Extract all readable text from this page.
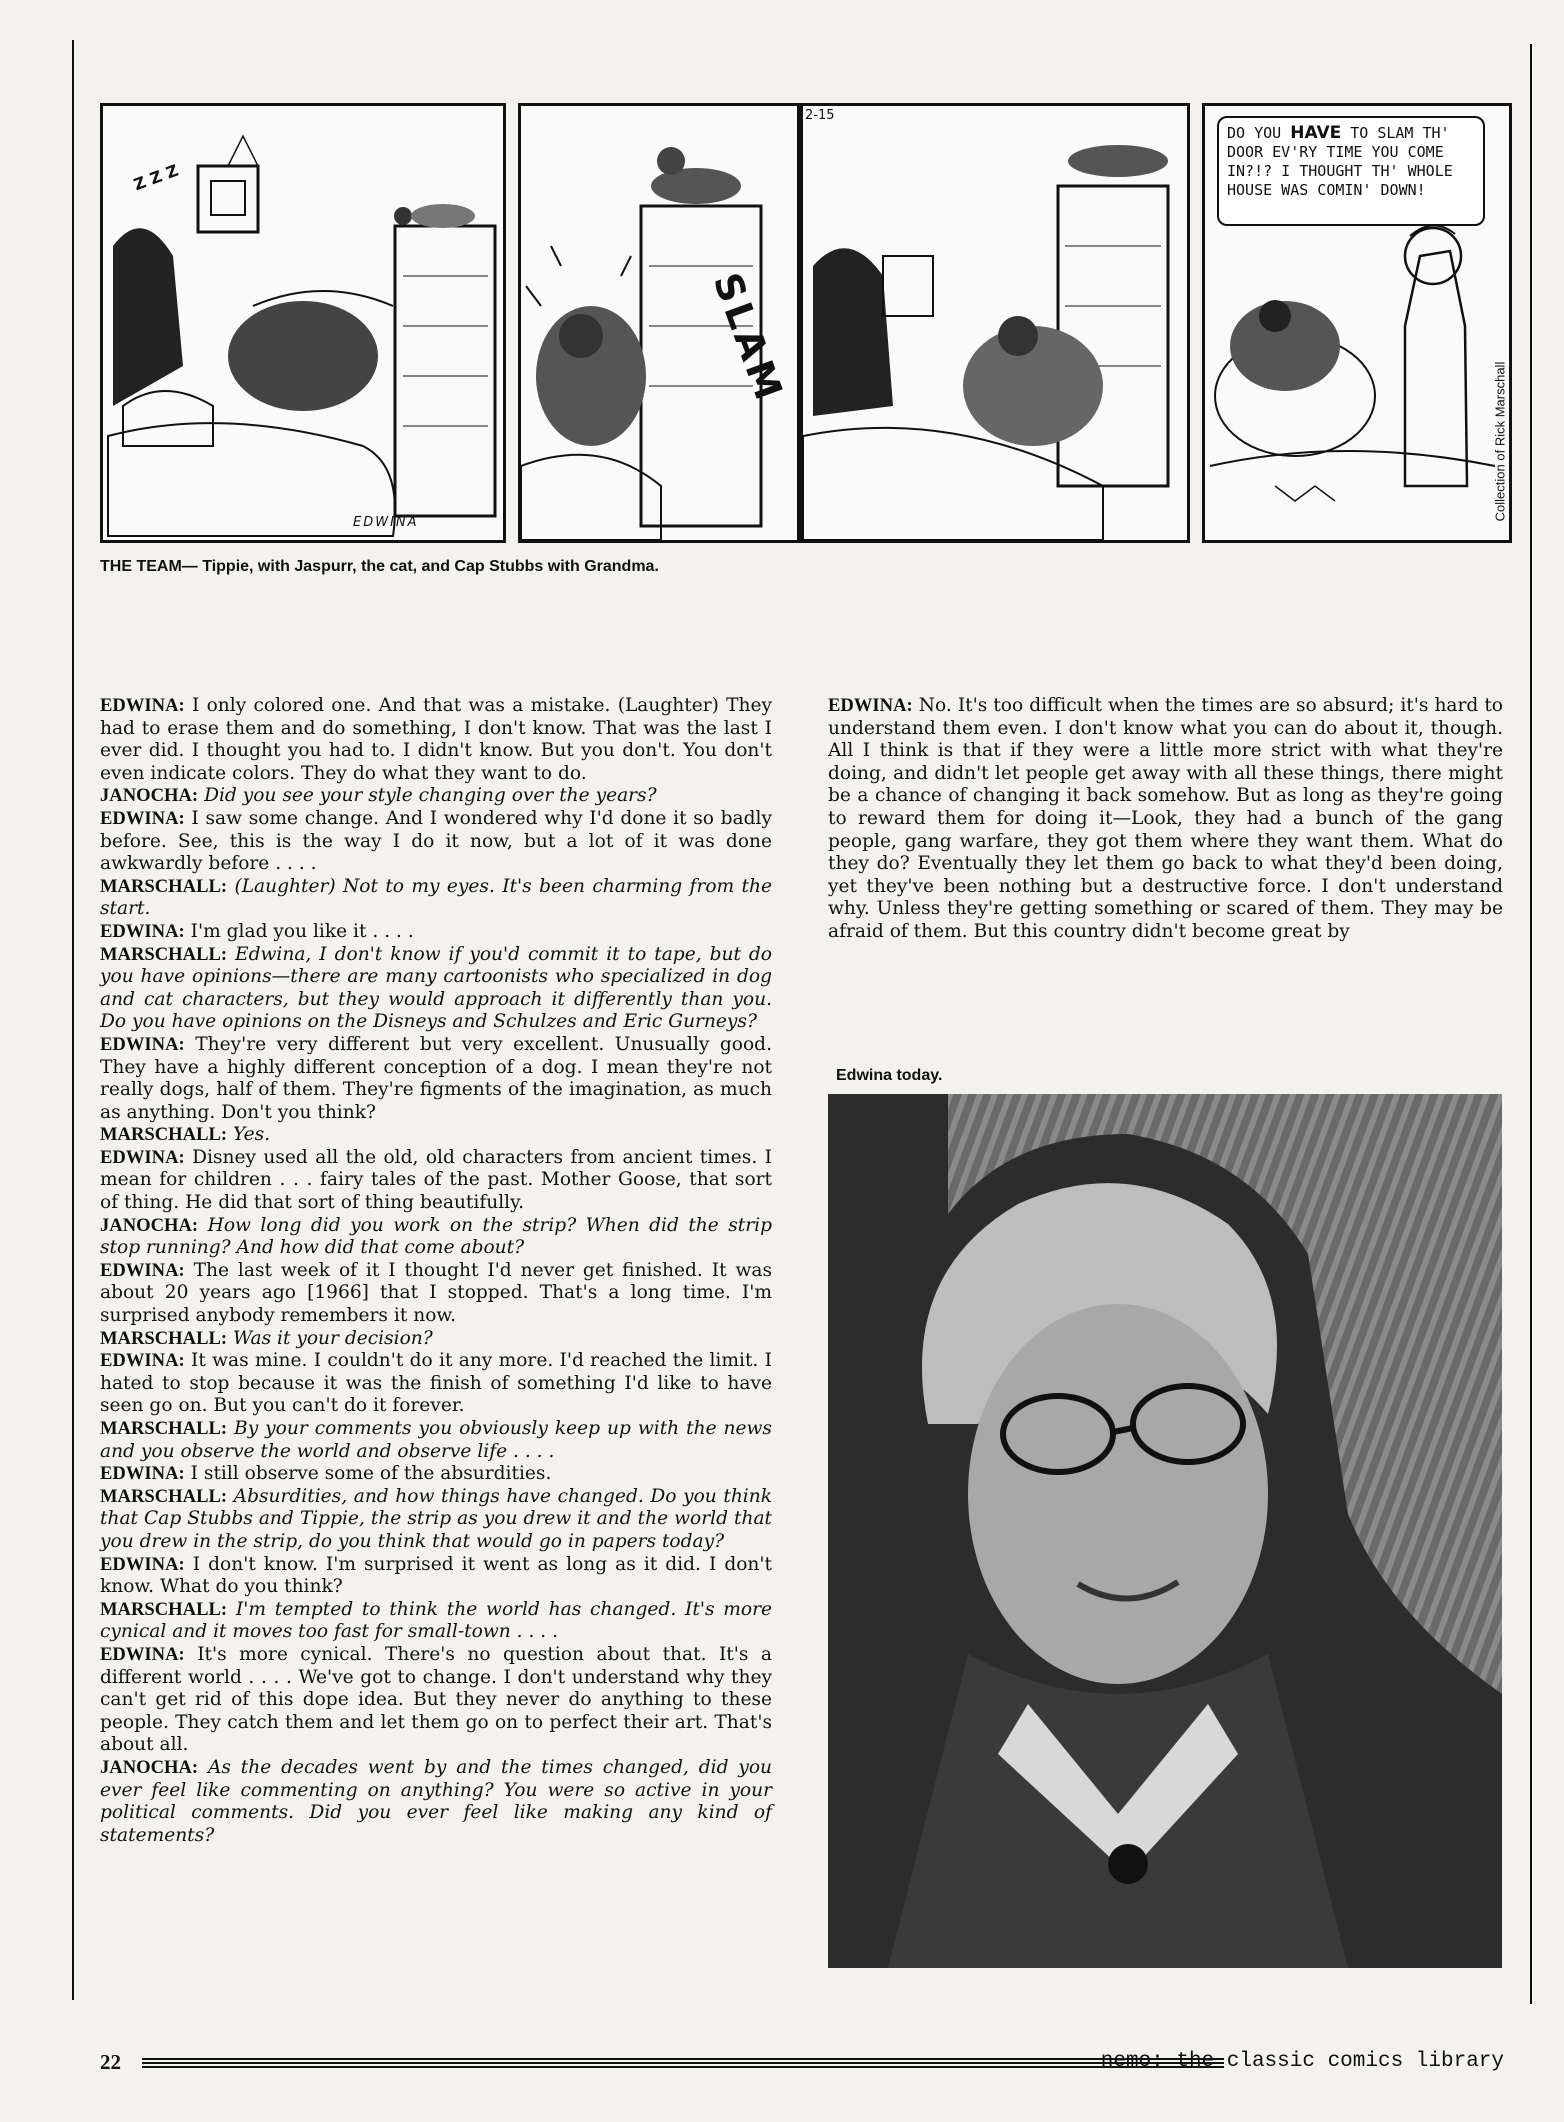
Z Z Z
EDWINA
SLAM
2-15
DO YOU HAVE TO SLAM TH' DOOR EV'RY TIME YOU COME IN?!? I THOUGHT TH' WHOLE HOUSE WAS COMIN' DOWN!
Collection of Rick Marschall
THE TEAM— Tippie, with Jaspurr, the cat, and Cap Stubbs with Grandma.

EDWINA: I only colored one. And that was a mistake. (Laughter) They had to erase them and do something, I don't know. That was the last I ever did. I thought you had to. I didn't know. But you don't. You don't even indicate colors. They do what they want to do.

JANOCHA: Did you see your style changing over the years?

EDWINA: I saw some change. And I wondered why I'd done it so badly before. See, this is the way I do it now, but a lot of it was done awkwardly before . . . .

MARSCHALL: (Laughter) Not to my eyes. It's been charming from the start.

EDWINA: I'm glad you like it . . . .

MARSCHALL: Edwina, I don't know if you'd commit it to tape, but do you have opinions—there are many cartoonists who specialized in dog and cat characters, but they would approach it differently than you. Do you have opinions on the Disneys and Schulzes and Eric Gurneys?

EDWINA: They're very different but very excellent. Unusually good. They have a highly different conception of a dog. I mean they're not really dogs, half of them. They're figments of the imagination, as much as anything. Don't you think?

MARSCHALL: Yes.

EDWINA: Disney used all the old, old characters from ancient times. I mean for children . . . fairy tales of the past. Mother Goose, that sort of thing. He did that sort of thing beautifully.

JANOCHA: How long did you work on the strip? When did the strip stop running? And how did that come about?

EDWINA: The last week of it I thought I'd never get finished. It was about 20 years ago [1966] that I stopped. That's a long time. I'm surprised anybody remembers it now.

MARSCHALL: Was it your decision?

EDWINA: It was mine. I couldn't do it any more. I'd reached the limit. I hated to stop because it was the finish of something I'd like to have seen go on. But you can't do it forever.

MARSCHALL: By your comments you obviously keep up with the news and you observe the world and observe life . . . .

EDWINA: I still observe some of the absurdities.

MARSCHALL: Absurdities, and how things have changed. Do you think that Cap Stubbs and Tippie, the strip as you drew it and the world that you drew in the strip, do you think that would go in papers today?

EDWINA: I don't know. I'm surprised it went as long as it did. I don't know. What do you think?

MARSCHALL: I'm tempted to think the world has changed. It's more cynical and it moves too fast for small-town . . . .

EDWINA: It's more cynical. There's no question about that. It's a different world . . . . We've got to change. I don't understand why they can't get rid of this dope idea. But they never do anything to these people. They catch them and let them go on to perfect their art. That's about all.

JANOCHA: As the decades went by and the times changed, did you ever feel like commenting on anything? You were so active in your political comments. Did you ever feel like making any kind of statements?

EDWINA: No. It's too difficult when the times are so absurd; it's hard to understand them even. I don't know what you can do about it, though. All I think is that if they were a little more strict with what they're doing, and didn't let people get away with all these things, there might be a chance of changing it back somehow. But as long as they're going to reward them for doing it—Look, they had a bunch of the gang people, gang warfare, they got them where they want them. What do they do? Eventually they let them go back to what they'd been doing, yet they've been nothing but a destructive force. I don't understand why. Unless they're getting something or scared of them. They may be afraid of them. But this country didn't become great by

Edwina today.
22	nemo: the classic comics library
